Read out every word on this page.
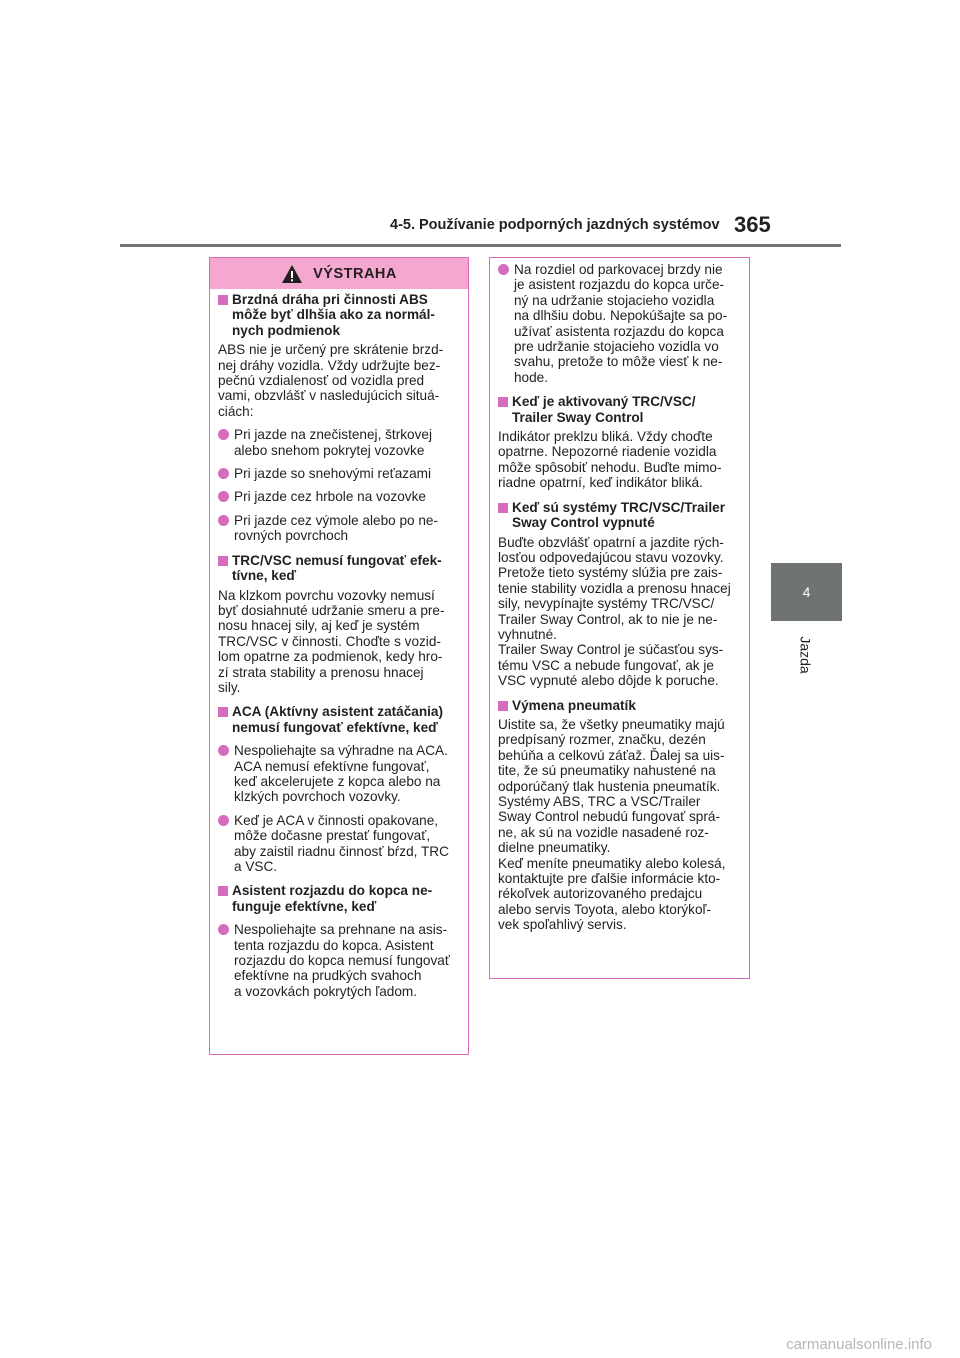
4-5. Používanie podporných jazdných systémov 365
4
Jazda
VÝSTRAHA
Brzdná dráha pri činnosti ABS
môže byť dlhšia ako za normál-
nych podmienok
ABS nie je určený pre skrátenie brzd-
nej dráhy vozidla. Vždy udržujte bez-
pečnú vzdialenosť od vozidla pred
vami, obzvlášť v nasledujúcich situá-
ciách:
Pri jazde na znečistenej, štrkovej
alebo snehom pokrytej vozovke
Pri jazde so snehovými reťazami
Pri jazde cez hrbole na vozovke
Pri jazde cez výmole alebo po ne-
rovných povrchoch
TRC/VSC nemusí fungovať efek-
tívne, keď
Na klzkom povrchu vozovky nemusí
byť dosiahnuté udržanie smeru a pre-
nosu hnacej sily, aj keď je systém
TRC/VSC v činnosti. Choďte s vozid-
lom opatrne za podmienok, kedy hro-
zí strata stability a prenosu hnacej
sily.
ACA (Aktívny asistent zatáčania)
nemusí fungovať efektívne, keď
Nespoliehajte sa výhradne na ACA.
ACA nemusí efektívne fungovať,
keď akcelerujete z kopca alebo na
klzkých povrchoch vozovky.
Keď je ACA v činnosti opakovane,
môže dočasne prestať fungovať,
aby zaistil riadnu činnosť bŕzd, TRC
a VSC.
Asistent rozjazdu do kopca ne-
funguje efektívne, keď
Nespoliehajte sa prehnane na asis-
tenta rozjazdu do kopca. Asistent
rozjazdu do kopca nemusí fungovať
efektívne na prudkých svahoch
a vozovkách pokrytých ľadom.
Na rozdiel od parkovacej brzdy nie
je asistent rozjazdu do kopca urče-
ný na udržanie stojacieho vozidla
na dlhšiu dobu. Nepokúšajte sa po-
užívať asistenta rozjazdu do kopca
pre udržanie stojacieho vozidla vo
svahu, pretože to môže viesť k ne-
hode.
Keď je aktivovaný TRC/VSC/
Trailer Sway Control
Indikátor preklzu bliká. Vždy choďte
opatrne. Nepozorné riadenie vozidla
môže spôsobiť nehodu. Buďte mimo-
riadne opatrní, keď indikátor bliká.
Keď sú systémy TRC/VSC/Trailer
Sway Control vypnuté
Buďte obzvlášť opatrní a jazdite rých-
losťou odpovedajúcou stavu vozovky.
Pretože tieto systémy slúžia pre zais-
tenie stability vozidla a prenosu hnacej
sily, nevypínajte systémy TRC/VSC/
Trailer Sway Control, ak to nie je ne-
vyhnutné.
Trailer Sway Control je súčasťou sys-
tému VSC a nebude fungovať, ak je
VSC vypnuté alebo dôjde k poruche.
Výmena pneumatík
Uistite sa, že všetky pneumatiky majú
predpísaný rozmer, značku, dezén
behúňa a celkovú záťaž. Ďalej sa uis-
tite, že sú pneumatiky nahustené na
odporúčaný tlak hustenia pneumatík.
Systémy ABS, TRC a VSC/Trailer
Sway Control nebudú fungovať sprá-
ne, ak sú na vozidle nasadené roz-
dielne pneumatiky.
Keď meníte pneumatiky alebo kolesá,
kontaktujte pre ďalšie informácie kto-
rékoľvek autorizovaného predajcu
alebo servis Toyota, alebo ktorýkoľ-
vek spoľahlivý servis.
carmanualsonline.info
